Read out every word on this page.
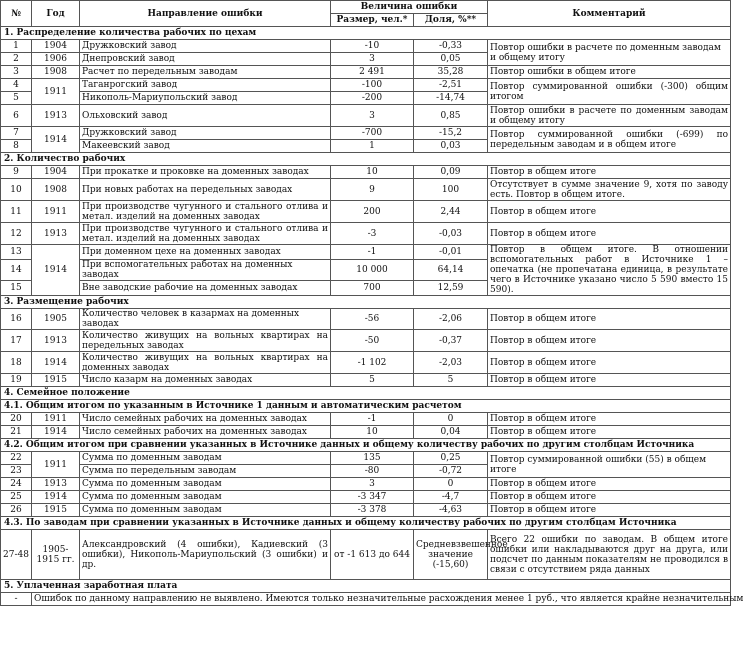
№	Год	Направление ошибки	Величина ошибки		Комментарий
			Размер, чел.*	Доля, %**	
1. Распределение количества рабочих по цехам					
1	1904	Дружковский завод	-10	-0,33	Повтор ошибки в расчете по доменным заводам и общему итогу
2	1906	Днепровский завод	3	0,05	
3	1908	Расчет по передельным заводам	2 491	35,28	Повтор ошибки в общем итоге
4	1911	Таганрогский завод	-100	-2,51	Повтор суммированной ошибки (-300) общим итогом
5		Никополь-Мариупольский завод	-200	-14,74	
6	1913	Ольховский завод	3	0,85	Повтор ошибки в расчете по доменным заводам и общему итогу
7	1914	Дружковский завод	-700	-15,2	Повтор суммированной ошибки (-699) по передельным заводам и в общем итоге
8		Макеевский завод	1	0,03	
2. Количество рабочих					
9	1904	При прокатке и проковке на доменных заводах	10	0,09	Повтор в общем итоге
10	1908	При новых работах на передельных заводах	9	100	Отсутствует в сумме значение 9, хотя по заводу есть. Повтор в общем итоге.
11	1911	При производстве чугунного и стального отлива и метал. изделий на доменных заводах	200	2,44	Повтор в общем итоге
12	1913	При производстве чугунного и стального отлива и метал. изделий на доменных заводах	-3	-0,03	Повтор в общем итоге
13	1914	При доменном цехе на доменных заводах	-1	-0,01	Повтор в общем итоге. В отношении вспомогательных работ в Источнике 1 – опечатка (не пропечатана единица, в результате чего в Источнике указано число 5 590 вместо 15 590).
14		При вспомогательных работах на доменных заводах	10 000	64,14	
15		Вне заводские рабочие на доменных заводах	700	12,59	
3. Размещение рабочих					
16	1905	Количество человек в казармах на доменных заводах	-56	-2,06	Повтор в общем итоге
17	1913	Количество живущих на вольных квартирах на передельных заводах	-50	-0,37	Повтор в общем итоге
18	1914	Количество живущих на вольных квартирах на доменных заводах	-1 102	-2,03	Повтор в общем итоге
19	1915	Число казарм на доменных заводах	5	5	Повтор в общем итоге
4. Семейное положение					
4.1. Общим итогом по указанным в Источнике 1 данным и автоматическим расчетом					
20	1911	Число семейных рабочих на доменных заводах	-1	0	Повтор в общем итоге
21	1914	Число семейных рабочих на доменных заводах	10	0,04	Повтор в общем итоге
4.2. Общим итогом при сравнении указанных в Источнике данных и общему количеству рабочих по другим столбцам Источника					
22	1911	Сумма по доменным заводам	135	0,25	Повтор суммированной ошибки (55) в общем итоге
23		Сумма по передельным заводам	-80	-0,72	
24	1913	Сумма по доменным заводам	3	0	Повтор в общем итоге
25	1914	Сумма по доменным заводам	-3 347	-4,7	Повтор в общем итоге
26	1915	Сумма по доменным заводам	-3 378	-4,63	Повтор в общем итоге
4.3. По заводам при сравнении указанных в Источнике данных и общему количеству рабочих по другим столбцам Источника					
27-48	1905-1915 гг.	Александровский (4 ошибки), Кадиевский (3 ошибки), Никополь-Мариупольский (3 ошибки) и др.	от -1 613 до 644	Средневзвешенное значение (-15,60)	Всего 22 ошибки по заводам. В общем итоге ошибки или накладываются друг на друга, или подсчет по данным показателям не проводился в связи с отсутствием ряда данных
5. Уплаченная заработная плата					
-	Ошибок по данному направлению не выявлено. Имеются только незначительные расхождения менее 1 руб., что является крайне незначительным				
